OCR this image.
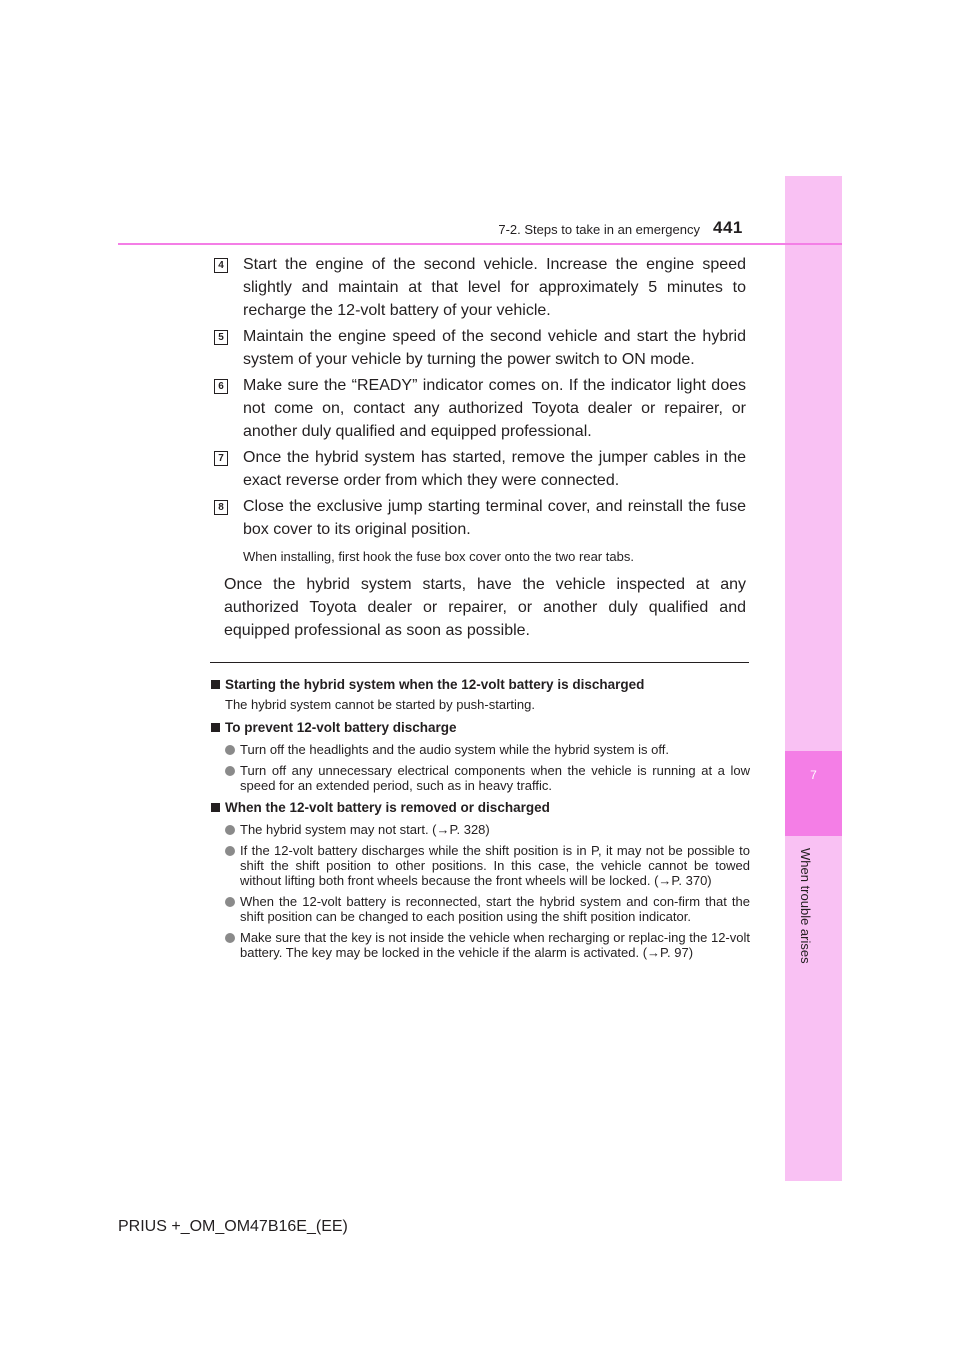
7
When trouble arises
7-2. Steps to take in an emergency 441
4 Start the engine of the second vehicle. Increase the engine speed slightly and maintain at that level for approximately 5 minutes to recharge the 12-volt battery of your vehicle.

5 Maintain the engine speed of the second vehicle and start the hybrid system of your vehicle by turning the power switch to ON mode.

6 Make sure the “READY” indicator comes on. If the indicator light does not come on, contact any authorized Toyota dealer or repairer, or another duly qualified and equipped professional.

7 Once the hybrid system has started, remove the jumper cables in the exact reverse order from which they were connected.

8 Close the exclusive jump starting terminal cover, and reinstall the fuse box cover to its original position.

When installing, first hook the fuse box cover onto the two rear tabs.

Once the hybrid system starts, have the vehicle inspected at any authorized Toyota dealer or repairer, or another duly qualified and equipped professional as soon as possible.

Starting the hybrid system when the 12-volt battery is discharged
The hybrid system cannot be started by push-starting.
To prevent 12-volt battery discharge
Turn off the headlights and the audio system while the hybrid system is off.
Turn off any unnecessary electrical components when the vehicle is running at a low speed for an extended period, such as in heavy traffic.
When the 12-volt battery is removed or discharged
The hybrid system may not start. (→P. 328)
If the 12-volt battery discharges while the shift position is in P, it may not be possible to shift the shift position to other positions. In this case, the vehicle cannot be towed without lifting both front wheels because the front wheels will be locked. (→P. 370)
When the 12-volt battery is reconnected, start the hybrid system and con-firm that the shift position can be changed to each position using the shift position indicator.
Make sure that the key is not inside the vehicle when recharging or replac-ing the 12-volt battery. The key may be locked in the vehicle if the alarm is activated. (→P. 97)
PRIUS +_OM_OM47B16E_(EE)
